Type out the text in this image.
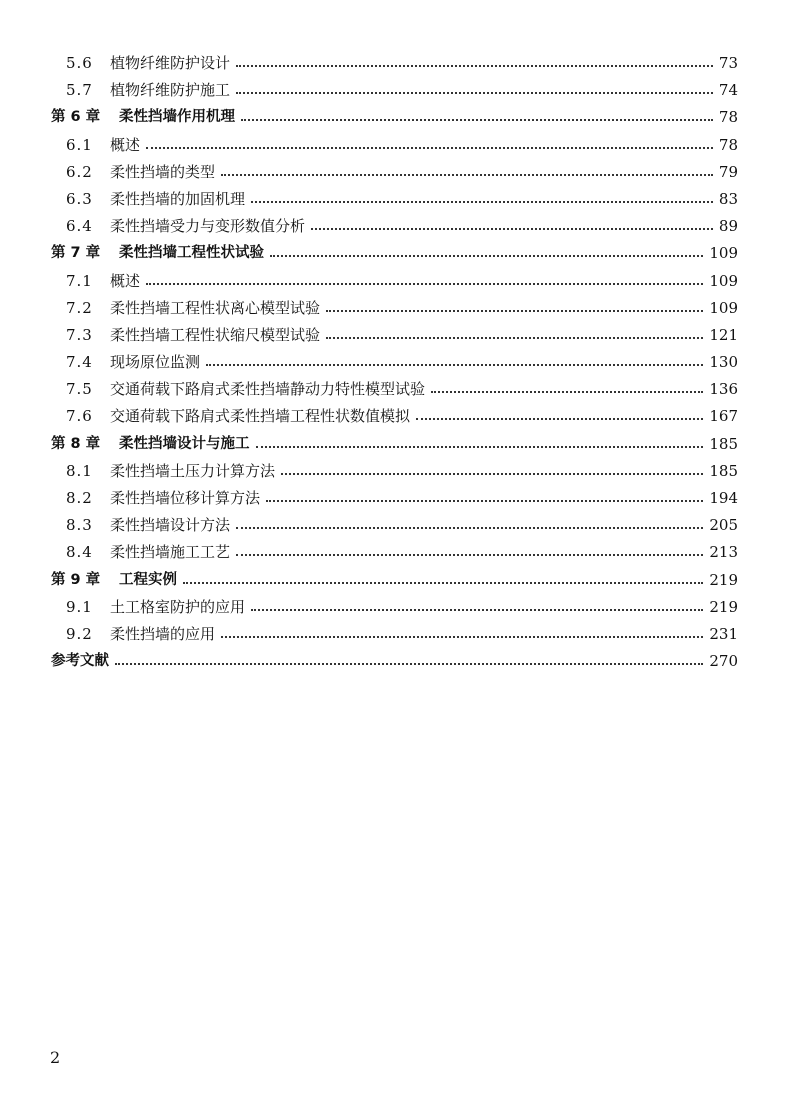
5.6 植物纤维防护设计	73
5.7 植物纤维防护施工	74
第 6 章 柔性挡墙作用机理	78
6.1 概述	78
6.2 柔性挡墙的类型	79
6.3 柔性挡墙的加固机理	83
6.4 柔性挡墙受力与变形数值分析	89
第 7 章 柔性挡墙工程性状试验	109
7.1 概述	109
7.2 柔性挡墙工程性状离心模型试验	109
7.3 柔性挡墙工程性状缩尺模型试验	121
7.4 现场原位监测	130
7.5 交通荷载下路肩式柔性挡墙静动力特性模型试验	136
7.6 交通荷载下路肩式柔性挡墙工程性状数值模拟	167
第 8 章 柔性挡墙设计与施工	185
8.1 柔性挡墙土压力计算方法	185
8.2 柔性挡墙位移计算方法	194
8.3 柔性挡墙设计方法	205
8.4 柔性挡墙施工工艺	213
第 9 章 工程实例	219
9.1 土工格室防护的应用	219
9.2 柔性挡墙的应用	231
参考文献	270
2
